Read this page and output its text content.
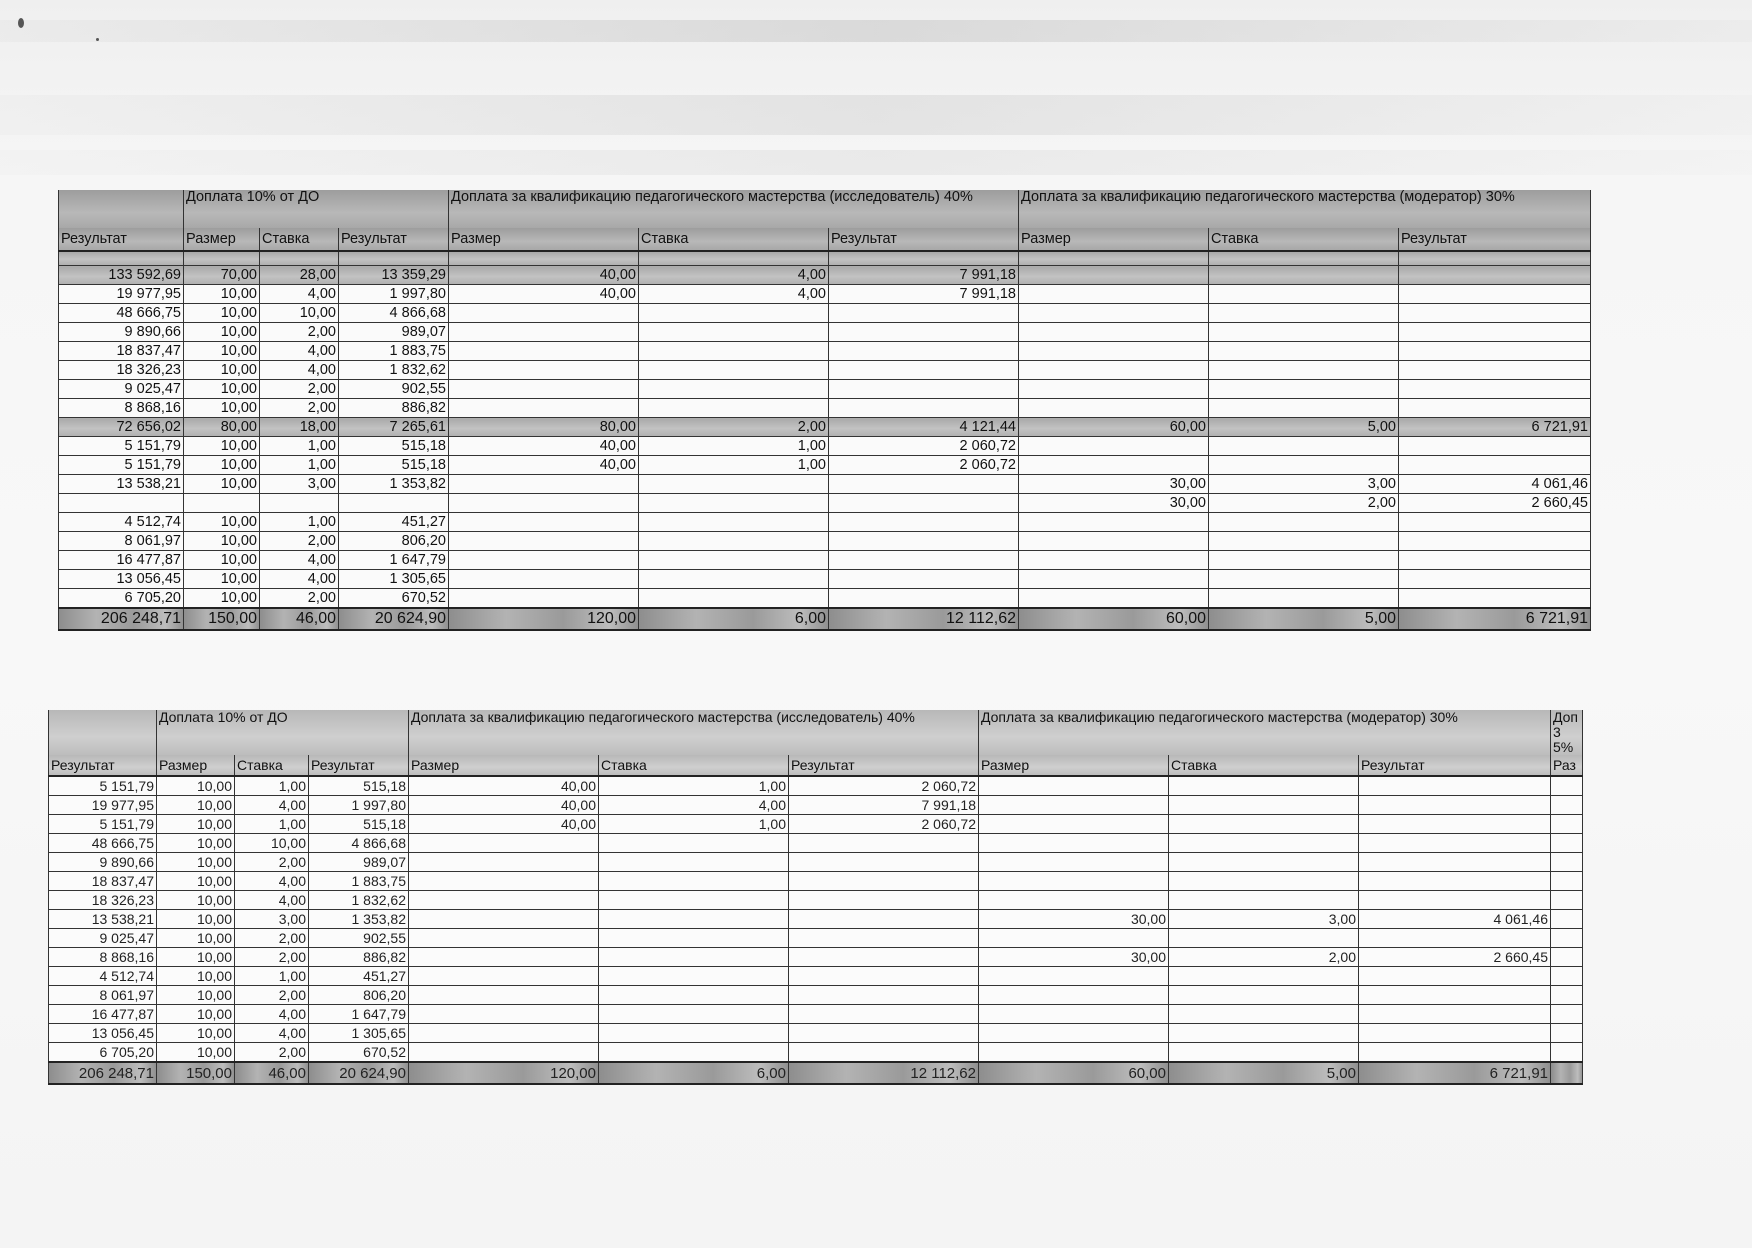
	Доплата 10% от ДО			Доплата за квалификацию педагогического мастерства (исследователь) 40%			Доплата за квалификацию педагогического мастерства (модератор) 30%		

Результат	Размер	Ставка	Результат	Размер	Ставка	Результат	Размер	Ставка	Результат

133 592,69	70,00	28,00	13 359,29	40,00	4,00	7 991,18			
19 977,95	10,00	4,00	1 997,80	40,00	4,00	7 991,18			
48 666,75	10,00	10,00	4 866,68						
9 890,66	10,00	2,00	989,07						
18 837,47	10,00	4,00	1 883,75						
18 326,23	10,00	4,00	1 832,62						
9 025,47	10,00	2,00	902,55						
8 868,16	10,00	2,00	886,82						
72 656,02	80,00	18,00	7 265,61	80,00	2,00	4 121,44	60,00	5,00	6 721,91
5 151,79	10,00	1,00	515,18	40,00	1,00	2 060,72			
5 151,79	10,00	1,00	515,18	40,00	1,00	2 060,72			
13 538,21	10,00	3,00	1 353,82				30,00	3,00	4 061,46
							30,00	2,00	2 660,45
4 512,74	10,00	1,00	451,27						
8 061,97	10,00	2,00	806,20						
16 477,87	10,00	4,00	1 647,79						
13 056,45	10,00	4,00	1 305,65						
6 705,20	10,00	2,00	670,52						
206 248,71	150,00	46,00	20 624,90	120,00	6,00	12 112,62	60,00	5,00	6 721,91

	Доплата 10% от ДО			Доплата за квалификацию педагогического мастерства (исследователь) 40%			Доплата за квалификацию педагогического мастерства (модератор) 30%			Доп 35%

Результат	Размер	Ставка	Результат	Размер	Ставка	Результат	Размер	Ставка	Результат	Раз
5 151,79	10,00	1,00	515,18	40,00	1,00	2 060,72				
19 977,95	10,00	4,00	1 997,80	40,00	4,00	7 991,18				
5 151,79	10,00	1,00	515,18	40,00	1,00	2 060,72				
48 666,75	10,00	10,00	4 866,68							
9 890,66	10,00	2,00	989,07							
18 837,47	10,00	4,00	1 883,75							
18 326,23	10,00	4,00	1 832,62							
13 538,21	10,00	3,00	1 353,82				30,00	3,00	4 061,46	
9 025,47	10,00	2,00	902,55							
8 868,16	10,00	2,00	886,82				30,00	2,00	2 660,45	
4 512,74	10,00	1,00	451,27							
8 061,97	10,00	2,00	806,20							
16 477,87	10,00	4,00	1 647,79							
13 056,45	10,00	4,00	1 305,65							
6 705,20	10,00	2,00	670,52							
206 248,71	150,00	46,00	20 624,90	120,00	6,00	12 112,62	60,00	5,00	6 721,91	
